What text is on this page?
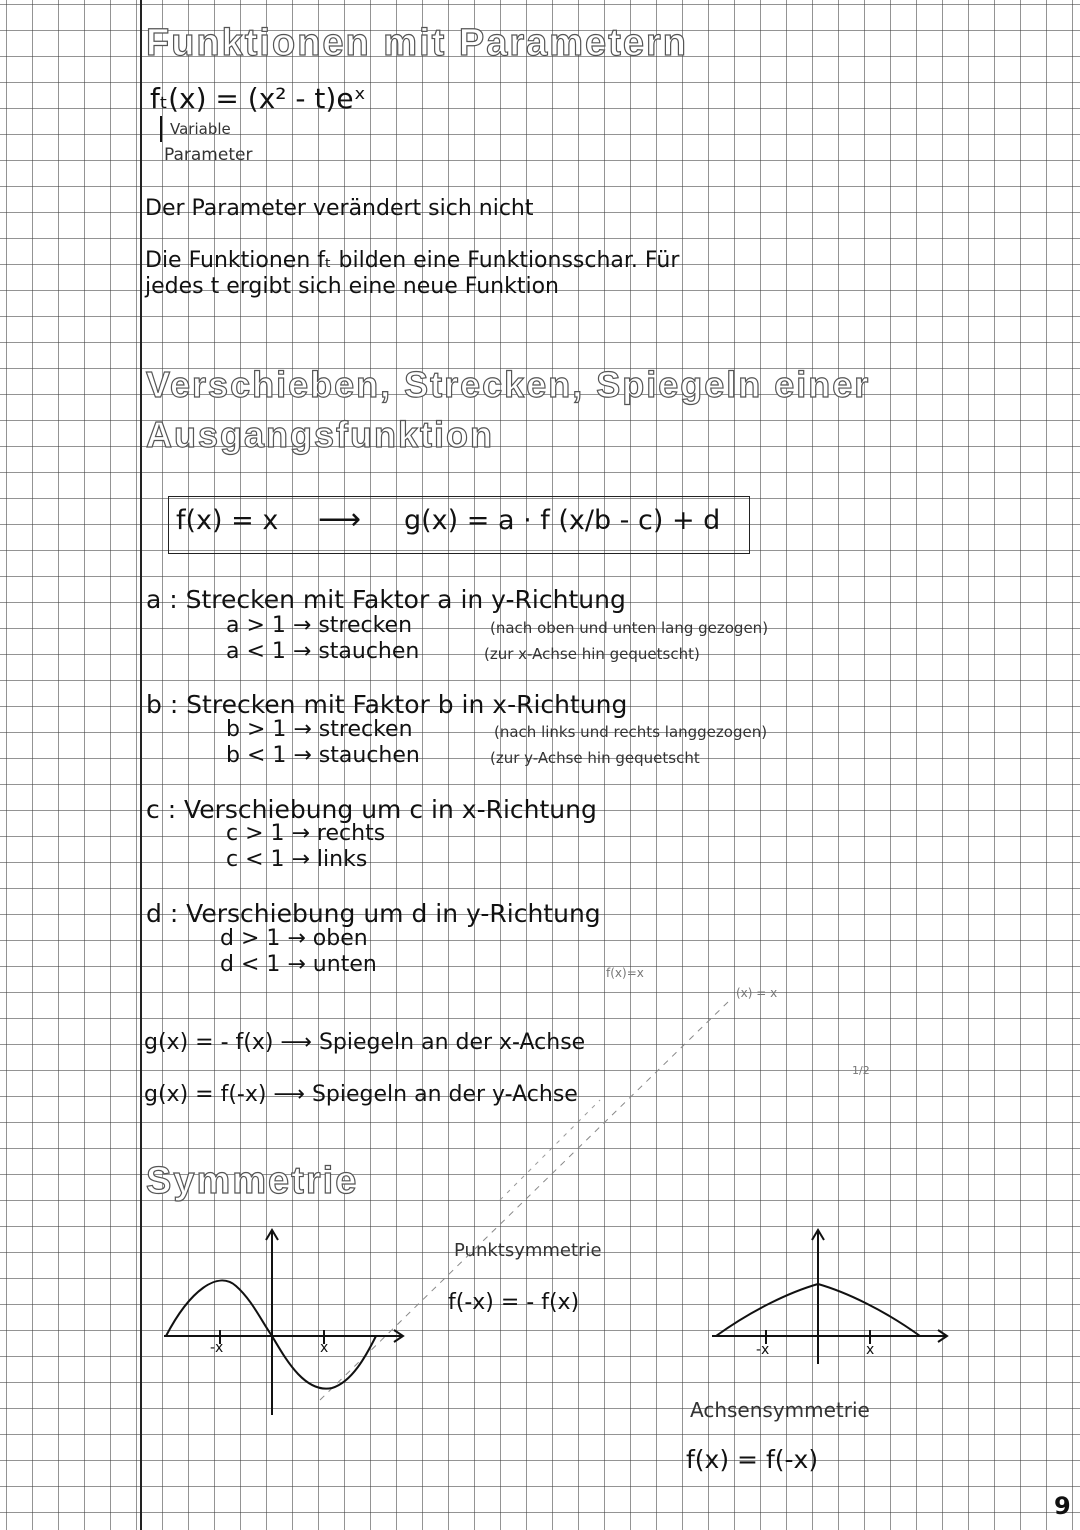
Funktionen mit Parametern
fₜ(x) = (x² - t)eˣ
Variable
Parameter
Der Parameter verändert sich nicht
Die Funktionen fₜ bilden eine Funktionsschar. Für
jedes t ergibt sich eine neue Funktion
Verschieben, Strecken, Spiegeln einer
Ausgangsfunktion
f(x) = x ⟶ g(x) = a · f (x/b - c) + d
a : Strecken mit Faktor a in y-Richtung
a > 1 → strecken	(nach oben und unten lang gezogen)
a < 1 → stauchen	(zur x-Achse hin gequetscht)
b : Strecken mit Faktor b in x-Richtung
b > 1 → strecken	(nach links und rechts langgezogen)
b < 1 → stauchen	(zur y-Achse hin gequetscht
c : Verschiebung um c in x-Richtung
c > 1 → rechts
c < 1 → links
d : Verschiebung um d in y-Richtung
d > 1 → oben
d < 1 → unten	f(x)=x
(x) = x
1/2
g(x) = - f(x) ⟶ Spiegeln an der x-Achse
g(x) = f(-x) ⟶ Spiegeln an der y-Achse
Symmetrie
Punktsymmetrie
f(-x) = - f(x)
Achsensymmetrie
f(x) = f(-x)
-x	x	-x	x
9
